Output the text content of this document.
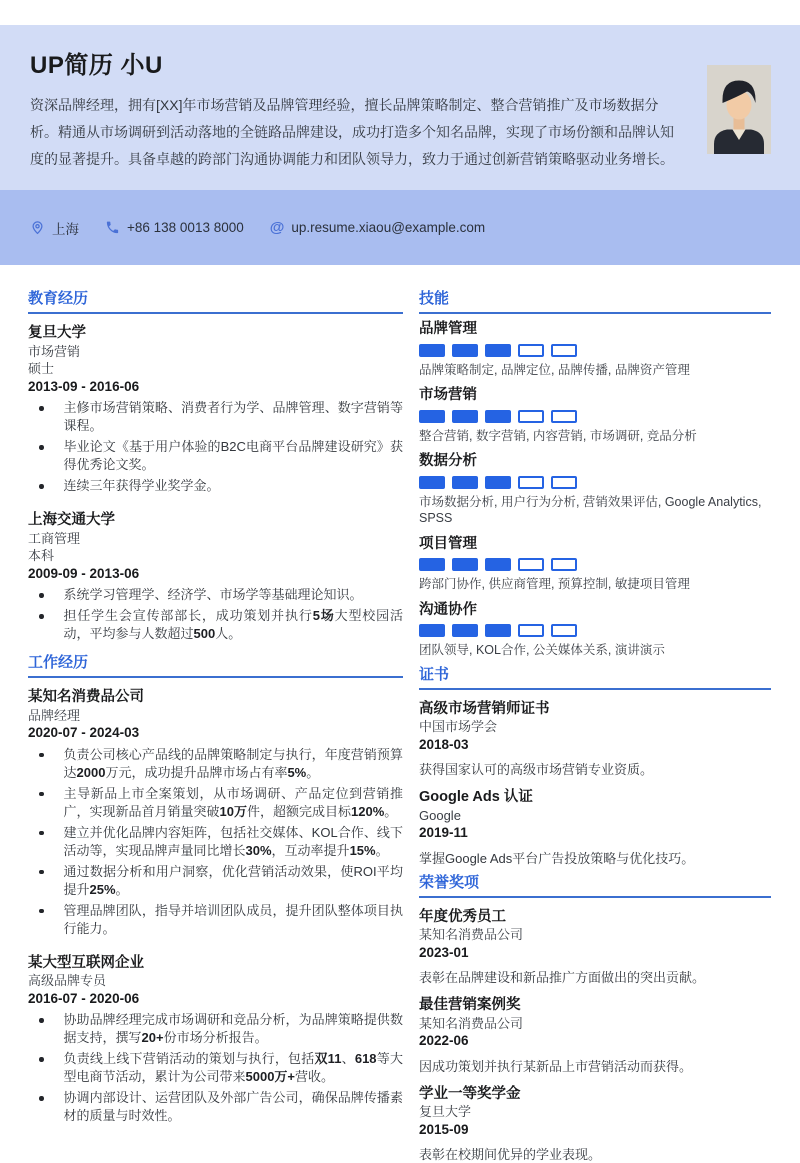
UP简历 小U

资深品牌经理，拥有[XX]年市场营销及品牌管理经验，擅长品牌策略制定、整合营销推广及市场数据分析。精通从市场调研到活动落地的全链路品牌建设，成功打造多个知名品牌，实现了市场份额和品牌认知度的显著提升。具备卓越的跨部门沟通协调能力和团队领导力，致力于通过创新营销策略驱动业务增长。

上海	+86 138 0013 8000 @ up.resume.xiaou@example.com
教育经历
复旦大学
市场营销
硕士
2013-09 - 2016-06
主修市场营销策略、消费者行为学、品牌管理、数字营销等课程。
毕业论文《基于用户体验的B2C电商平台品牌建设研究》获得优秀论文奖。
连续三年获得学业奖学金。
上海交通大学
工商管理
本科
2009-09 - 2013-06
系统学习管理学、经济学、市场学等基础理论知识。
担任学生会宣传部部长，成功策划并执行5场大型校园活动，平均参与人数超过500人。
工作经历
某知名消费品公司
品牌经理
2020-07 - 2024-03
负责公司核心产品线的品牌策略制定与执行，年度营销预算达2000万元，成功提升品牌市场占有率5%。
主导新品上市全案策划，从市场调研、产品定位到营销推广，实现新品首月销量突破10万件，超额完成目标120%。
建立并优化品牌内容矩阵，包括社交媒体、KOL合作、线下活动等，实现品牌声量同比增长30%，互动率提升15%。
通过数据分析和用户洞察，优化营销活动效果，使ROI平均提升25%。
管理品牌团队，指导并培训团队成员，提升团队整体项目执行能力。
某大型互联网企业
高级品牌专员
2016-07 - 2020-06
协助品牌经理完成市场调研和竞品分析，为品牌策略提供数据支持，撰写20+份市场分析报告。
负责线上线下营销活动的策划与执行，包括双11、618等大型电商节活动，累计为公司带来5000万+营收。
协调内部设计、运营团队及外部广告公司，确保品牌传播素材的质量与时效性。
技能
品牌管理
品牌策略制定, 品牌定位, 品牌传播, 品牌资产管理
市场营销
整合营销, 数字营销, 内容营销, 市场调研, 竞品分析
数据分析
市场数据分析, 用户行为分析, 营销效果评估, Google Analytics, SPSS
项目管理
跨部门协作, 供应商管理, 预算控制, 敏捷项目管理
沟通协作
团队领导, KOL合作, 公关媒体关系, 演讲演示
证书
高级市场营销师证书
中国市场学会
2018-03
获得国家认可的高级市场营销专业资质。
Google Ads 认证
Google
2019-11
掌握Google Ads平台广告投放策略与优化技巧。
荣誉奖项
年度优秀员工
某知名消费品公司
2023-01
表彰在品牌建设和新品推广方面做出的突出贡献。
最佳营销案例奖
某知名消费品公司
2022-06
因成功策划并执行某新品上市营销活动而获得。
学业一等奖学金
复旦大学
2015-09
表彰在校期间优异的学业表现。
